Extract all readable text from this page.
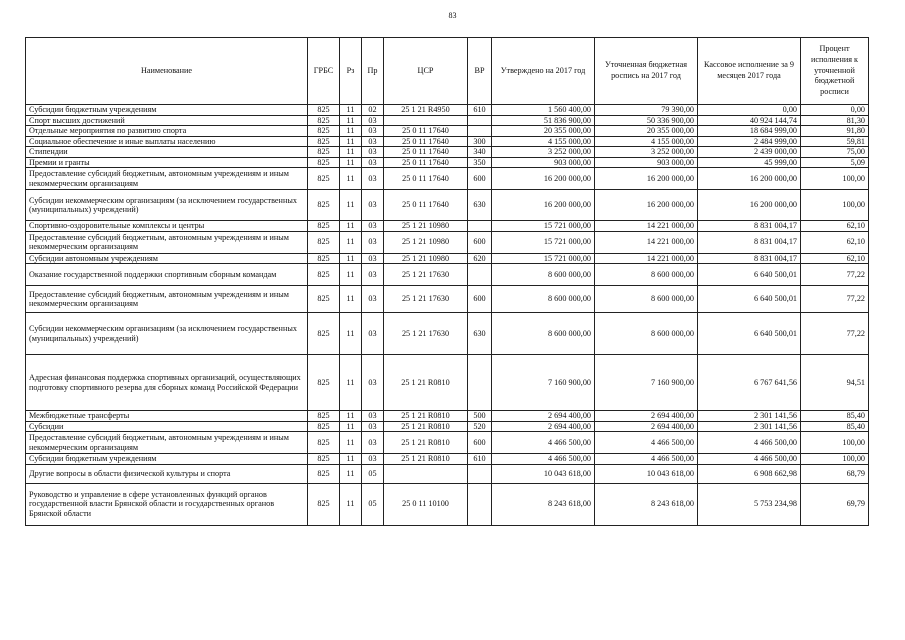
83
Наименование	ГРБС	Рз	Пр	ЦСР	ВР	Утверждено на 2017 год	Уточненная бюджетная роспись на 2017 год	Кассовое исполнение за 9 месяцев 2017 года	Процент исполнения к уточненной бюджетной росписи
Субсидии бюджетным учреждениям	825	11	02	25 1 21 R4950	610	1 560 400,00	79 390,00	0,00	0,00
Спорт высших достижений	825	11	03			51 836 900,00	50 336 900,00	40 924 144,74	81,30
Отдельные мероприятия по развитию спорта	825	11	03	25 0 11 17640		20 355 000,00	20 355 000,00	18 684 999,00	91,80
Социальное обеспечение и иные выплаты населению	825	11	03	25 0 11 17640	300	4 155 000,00	4 155 000,00	2 484 999,00	59,81
Стипендии	825	11	03	25 0 11 17640	340	3 252 000,00	3 252 000,00	2 439 000,00	75,00
Премии и гранты	825	11	03	25 0 11 17640	350	903 000,00	903 000,00	45 999,00	5,09
Предоставление субсидий бюджетным, автономным учреждениям и иным некоммерческим организациям	825	11	03	25 0 11 17640	600	16 200 000,00	16 200 000,00	16 200 000,00	100,00
Субсидии некоммерческим организациям (за исключением государственных (муниципальных) учреждений)	825	11	03	25 0 11 17640	630	16 200 000,00	16 200 000,00	16 200 000,00	100,00
Спортивно-оздоровительные комплексы и центры	825	11	03	25 1 21 10980		15 721 000,00	14 221 000,00	8 831 004,17	62,10
Предоставление субсидий бюджетным, автономным учреждениям и иным некоммерческим организациям	825	11	03	25 1 21 10980	600	15 721 000,00	14 221 000,00	8 831 004,17	62,10
Субсидии автономным учреждениям	825	11	03	25 1 21 10980	620	15 721 000,00	14 221 000,00	8 831 004,17	62,10
Оказание государственной поддержки спортивным сборным командам	825	11	03	25 1 21 17630		8 600 000,00	8 600 000,00	6 640 500,01	77,22
Предоставление субсидий бюджетным, автономным учреждениям и иным некоммерческим организациям	825	11	03	25 1 21 17630	600	8 600 000,00	8 600 000,00	6 640 500,01	77,22
Субсидии некоммерческим организациям (за исключением государственных (муниципальных) учреждений)	825	11	03	25 1 21 17630	630	8 600 000,00	8 600 000,00	6 640 500,01	77,22
Адресная финансовая поддержка спортивных организаций, осуществляющих подготовку спортивного резерва для сборных команд Российской Федерации	825	11	03	25 1 21 R0810		7 160 900,00	7 160 900,00	6 767 641,56	94,51
Межбюджетные трансферты	825	11	03	25 1 21 R0810	500	2 694 400,00	2 694 400,00	2 301 141,56	85,40
Субсидии	825	11	03	25 1 21 R0810	520	2 694 400,00	2 694 400,00	2 301 141,56	85,40
Предоставление субсидий бюджетным, автономным учреждениям и иным некоммерческим организациям	825	11	03	25 1 21 R0810	600	4 466 500,00	4 466 500,00	4 466 500,00	100,00
Субсидии бюджетным учреждениям	825	11	03	25 1 21 R0810	610	4 466 500,00	4 466 500,00	4 466 500,00	100,00
Другие вопросы в области физической культуры и спорта	825	11	05			10 043 618,00	10 043 618,00	6 908 662,98	68,79
Руководство и управление в сфере установленных функций органов государственной власти Брянской области и государственных органов Брянской области	825	11	05	25 0 11 10100		8 243 618,00	8 243 618,00	5 753 234,98	69,79
